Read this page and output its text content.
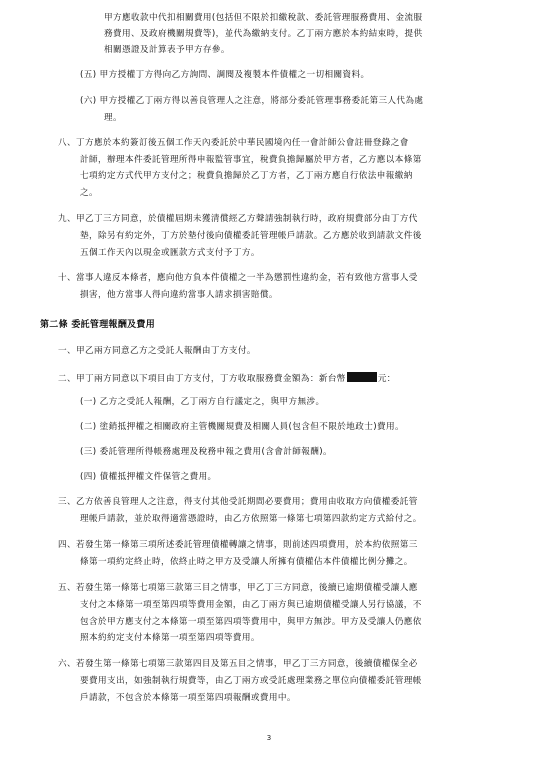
甲方應收款中代扣相關費用(包括但不限於扣繳稅款、委託管理服務費用、金流服
務費用、及政府機關規費等)，並代為繳納支付。乙丁兩方應於本約結束時，提供
相關憑證及計算表予甲方存參。
(五) 甲方授權丁方得向乙方詢問、調閱及複製本件債權之一切相關資料。
(六) 甲方授權乙丁兩方得以善良管理人之注意，將部分委託管理事務委託第三人代為處
理。
八、丁方應於本約簽訂後五個工作天內委託於中華民國境內任一會計師公會註冊登錄之會
計師，辦理本件委託管理所得申報監管事宜，稅費負擔歸屬於甲方者，乙方應以本條第
七項約定方式代甲方支付之；稅費負擔歸於乙丁方者，乙丁兩方應自行依法申報繳納
之。
九、甲乙丁三方同意，於債權屆期未獲清償經乙方聲請強制執行時，政府規費部分由丁方代
墊，除另有約定外，丁方於墊付後向債權委託管理帳戶請款。乙方應於收到請款文件後
五個工作天內以現金或匯款方式支付予丁方。
十、當事人違反本條者，應向他方負本件債權之一半為懲罰性違約金，若有致他方當事人受
損害，他方當事人得向違約當事人請求損害賠償。
第二條 委託管理報酬及費用
一、甲乙兩方同意乙方之受託人報酬由丁方支付。
二、甲丁兩方同意以下項目由丁方支付，丁方收取服務費金額為：新台幣	元：
(一) 乙方之受託人報酬，乙丁兩方自行議定之，與甲方無涉。
(二) 塗銷抵押權之相關政府主管機關規費及相關人員(包含但不限於地政士)費用。
(三) 委託管理所得帳務處理及稅務申報之費用(含會計師報酬)。
(四) 債權抵押權文件保管之費用。
三、乙方依善良管理人之注意，得支付其他受託期間必要費用；費用由收取方向債權委託管
理帳戶請款，並於取得適當憑證時，由乙方依照第一條第七項第四款約定方式給付之。
四、若發生第一條第三項所述委託管理債權轉讓之情事，則前述四項費用，於本約依照第三
條第一項約定終止時，依終止時之甲方及受讓人所擁有債權佔本件債權比例分攤之。
五、若發生第一條第七項第三款第三目之情事，甲乙丁三方同意，後續已逾期債權受讓人應
支付之本條第一項至第四項等費用金額，由乙丁兩方與已逾期債權受讓人另行協議，不
包含於甲方應支付之本條第一項至第四項等費用中，與甲方無涉。甲方及受讓人仍應依
照本約約定支付本條第一項至第四項等費用。
六、若發生第一條第七項第三款第四目及第五目之情事，甲乙丁三方同意，後續債權保全必
要費用支出，如強制執行規費等，由乙丁兩方或受託處理業務之單位向債權委託管理帳
戶請款，不包含於本條第一項至第四項報酬或費用中。
3
